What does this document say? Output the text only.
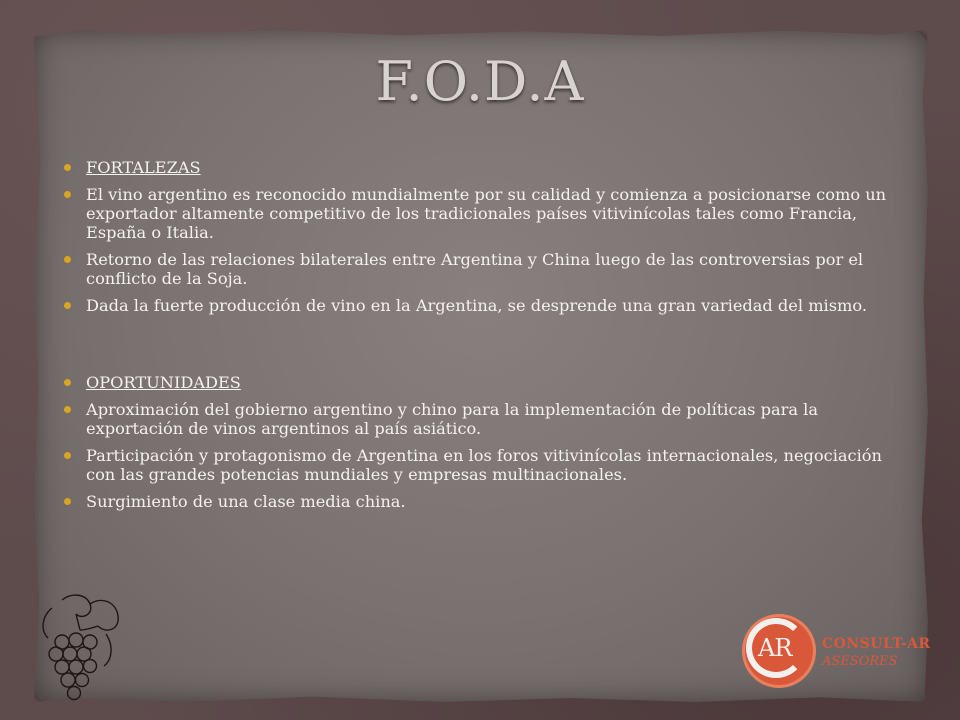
F.O.D.A
FORTALEZAS
El vino argentino es reconocido mundialmente por su calidad y comienza a posicionarse como un exportador altamente competitivo de los tradicionales países vitivinícolas tales como Francia, España o Italia.
Retorno de las relaciones bilaterales entre Argentina y China luego de las controversias por el conflicto de la Soja.
Dada la fuerte producción de vino en la Argentina, se desprende una gran variedad del mismo.
OPORTUNIDADES
Aproximación del gobierno argentino y chino para la implementación de políticas para la exportación de vinos argentinos al país asiático.
Participación y protagonismo de Argentina en los foros vitivinícolas internacionales, negociación con las grandes potencias mundiales y empresas multinacionales.
Surgimiento de una clase media china.
AR CONSULT-AR
ASESORES
